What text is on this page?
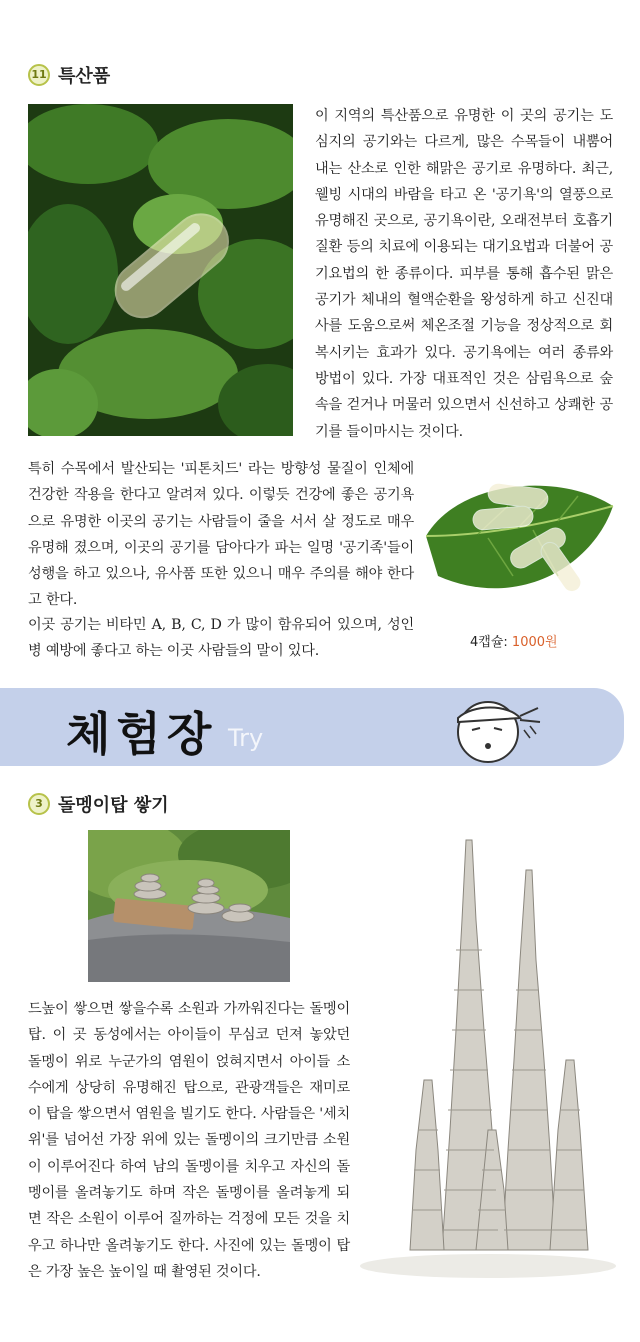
11 특산품

이 지역의 특산품으로 유명한 이 곳의 공기는 도심지의 공기와는 다르게, 많은 수목들이 내뿜어 내는 산소로 인한 해맑은 공기로 유명하다. 최근, 웰빙 시대의 바람을 타고 온 '공기욕'의 열풍으로 유명해진 곳으로, 공기욕이란, 오래전부터 호흡기질환 등의 치료에 이용되는 대기요법과 더불어 공기요법의 한 종류이다. 피부를 통해 흡수된 맑은 공기가 체내의 혈액순환을 왕성하게 하고 신진대사를 도움으로써 체온조절 기능을 정상적으로 회복시키는 효과가 있다. 공기욕에는 여러 종류와 방법이 있다. 가장 대표적인 것은 삼림욕으로 숲 속을 걷거나 머물러 있으면서 신선하고 상쾌한 공기를 들이마시는 것이다.

특히 수목에서 발산되는 '피톤치드' 라는 방향성 물질이 인체에 건강한 작용을 한다고 알려져 있다. 이렇듯 건강에 좋은 공기욕으로 유명한 이곳의 공기는 사람들이 줄을 서서 살 정도로 매우 유명해 졌으며, 이곳의 공기를 담아다가 파는 일명 '공기족'들이 성행을 하고 있으나, 유사품 또한 있으니 매우 주의를 해야 한다고 한다.

이곳 공기는 비타민 A, B, C, D 가 많이 함유되어 있으며, 성인병 예방에 좋다고 하는 이곳 사람들의 말이 있다.

4캡슐: 1000원
체험장 Try
3 돌멩이탑 쌓기

드높이 쌓으면 쌓을수록 소원과 가까워진다는 돌멩이 탑. 이 곳 동성에서는 아이들이 무심코 던져 놓았던 돌멩이 위로 누군가의 염원이 얹혀지면서 아이들 소수에게 상당히 유명해진 탑으로, 관광객들은 재미로 이 탑을 쌓으면서 염원을 빌기도 한다. 사람들은 '세치 위'를 넘어선 가장 위에 있는 돌멩이의 크기만큼 소원이 이루어진다 하여 남의 돌멩이를 치우고 자신의 돌멩이를 올려놓기도 하며 작은 돌멩이를 올려놓게 되면 작은 소원이 이루어 질까하는 걱정에 모든 것을 치우고 하나만 올려놓기도 한다. 사진에 있는 돌멩이 탑은 가장 높은 높이일 때 촬영된 것이다.
